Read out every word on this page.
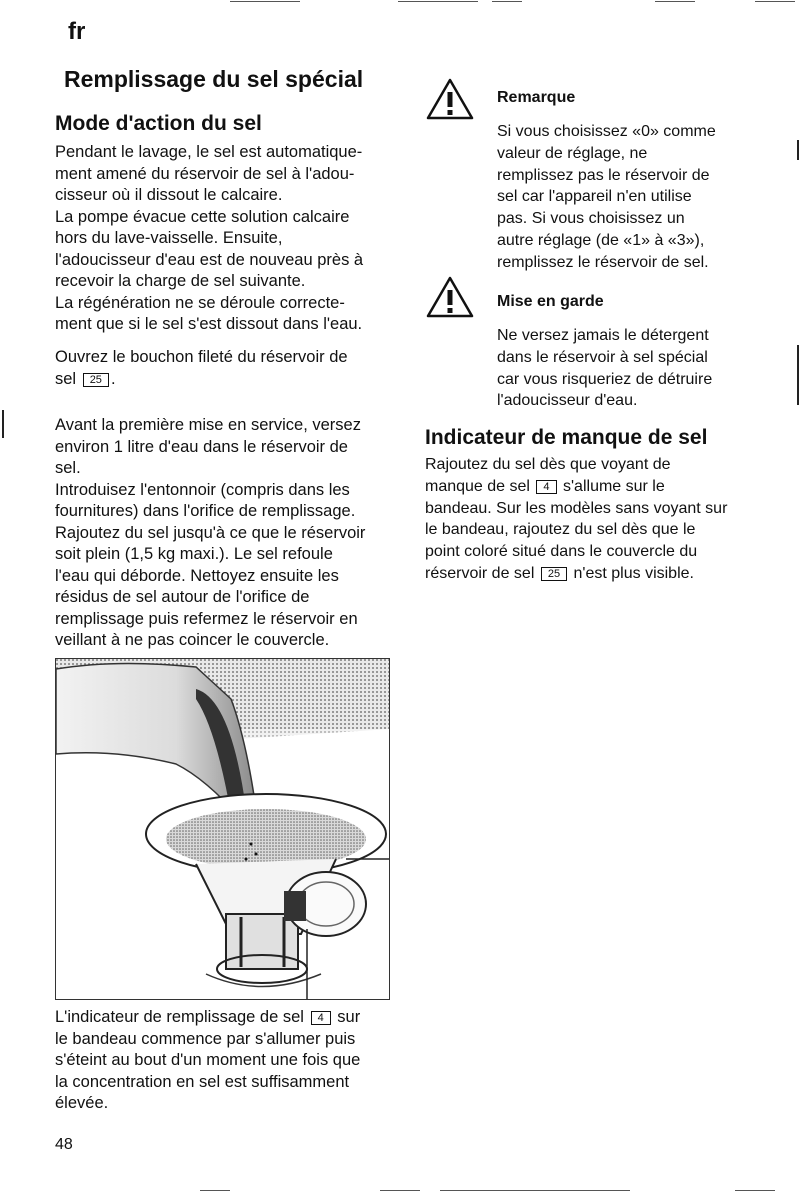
fr
Remplissage du sel spécial
Mode d'action du sel

Pendant le lavage, le sel est automatique-
ment amené du réservoir de sel à l'adou-
cisseur où il dissout le calcaire.
La pompe évacue cette solution calcaire
hors du lave-vaisselle. Ensuite,
l'adoucisseur d'eau est de nouveau près à
recevoir la charge de sel suivante.
La régénération ne se déroule correcte-
ment que si le sel s'est dissout dans l'eau.

Ouvrez le bouchon fileté du réservoir de
sel 25 .

Avant la première mise en service, versez
environ 1 litre d'eau dans le réservoir de
sel.
Introduisez l'entonnoir (compris dans les
fournitures) dans l'orifice de remplissage.
Rajoutez du sel jusqu'à ce que le réservoir
soit plein (1,5 kg maxi.). Le sel refoule
l'eau qui déborde. Nettoyez ensuite les
résidus de sel autour de l'orifice de
remplissage puis refermez le réservoir en
veillant à ne pas coincer le couvercle.

L'indicateur de remplissage de sel 4 sur
le bandeau commence par s'allumer puis
s'éteint au bout d'un moment une fois que
la concentration en sel est suffisamment
élevée.

48
Remarque

Si vous choisissez «0» comme
valeur de réglage, ne
remplissez pas le réservoir de
sel car l'appareil n'en utilise
pas. Si vous choisissez un
autre réglage (de «1» à «3»),
remplissez le réservoir de sel.

Mise en garde

Ne versez jamais le détergent
dans le réservoir à sel spécial
car vous risqueriez de détruire
l'adoucisseur d'eau.

Indicateur de manque de sel

Rajoutez du sel dès que voyant de
manque de sel 4 s'allume sur le
bandeau. Sur les modèles sans voyant sur
le bandeau, rajoutez du sel dès que le
point coloré situé dans le couvercle du
réservoir de sel 25 n'est plus visible.
